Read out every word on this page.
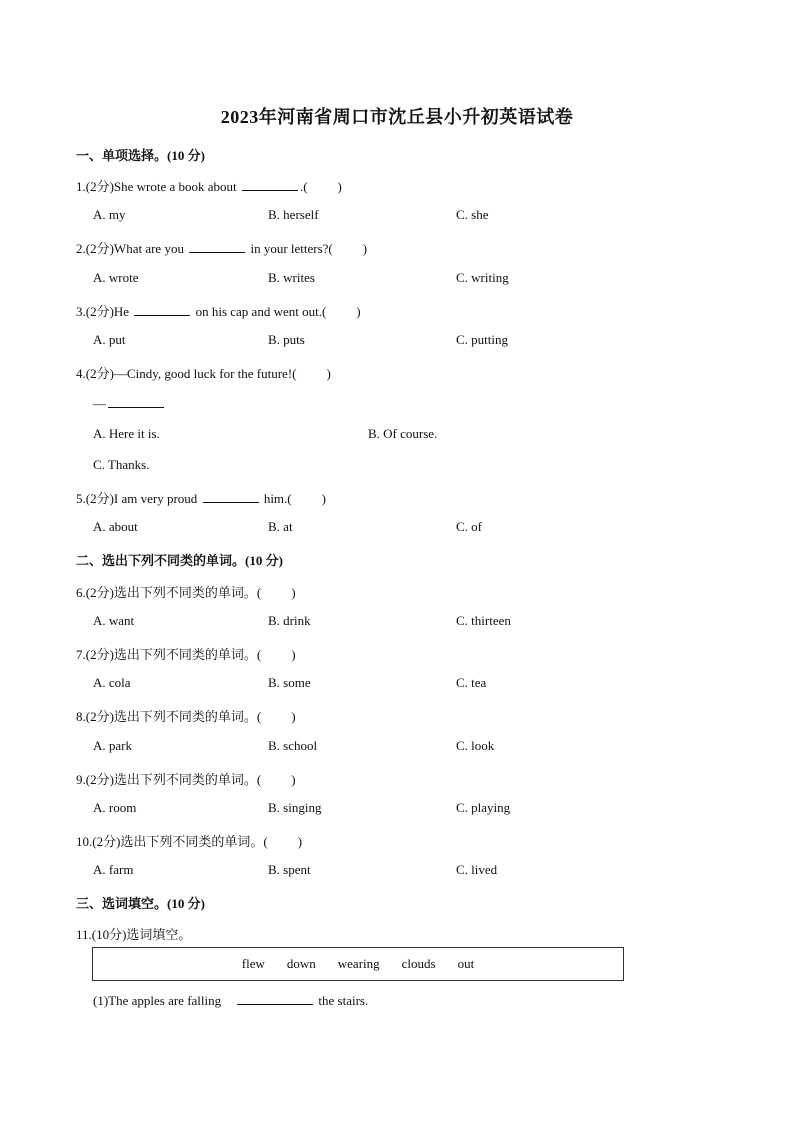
2023年河南省周口市沈丘县小升初英语试卷
一、单项选择。(10 分)
1.(2分)She wrote a book about	.( )
A. my	B. herself	C. she
2.(2分)What are you	in your letters?( )
A. wrote	B. writes	C. writing
3.(2分)He	on his cap and went out.( )
A. put	B. puts	C. putting
4.(2分)—Cindy, good luck for the future!( )
—
A. Here it is.	B. Of course.
C. Thanks.
5.(2分)I am very proud	him.( )
A. about	B. at	C. of
二、选出下列不同类的单词。(10 分)
6.(2分)选出下列不同类的单词。( )
A. want	B. drink	C. thirteen
7.(2分)选出下列不同类的单词。( )
A. cola	B. some	C. tea
8.(2分)选出下列不同类的单词。( )
A. park	B. school	C. look
9.(2分)选出下列不同类的单词。( )
A. room	B. singing	C. playing
10.(2分)选出下列不同类的单词。( )
A. farm	B. spent	C. lived
三、选词填空。(10 分)
11.(10分)选词填空。
flew down wearing clouds out
(1)The apples are falling	the stairs.
